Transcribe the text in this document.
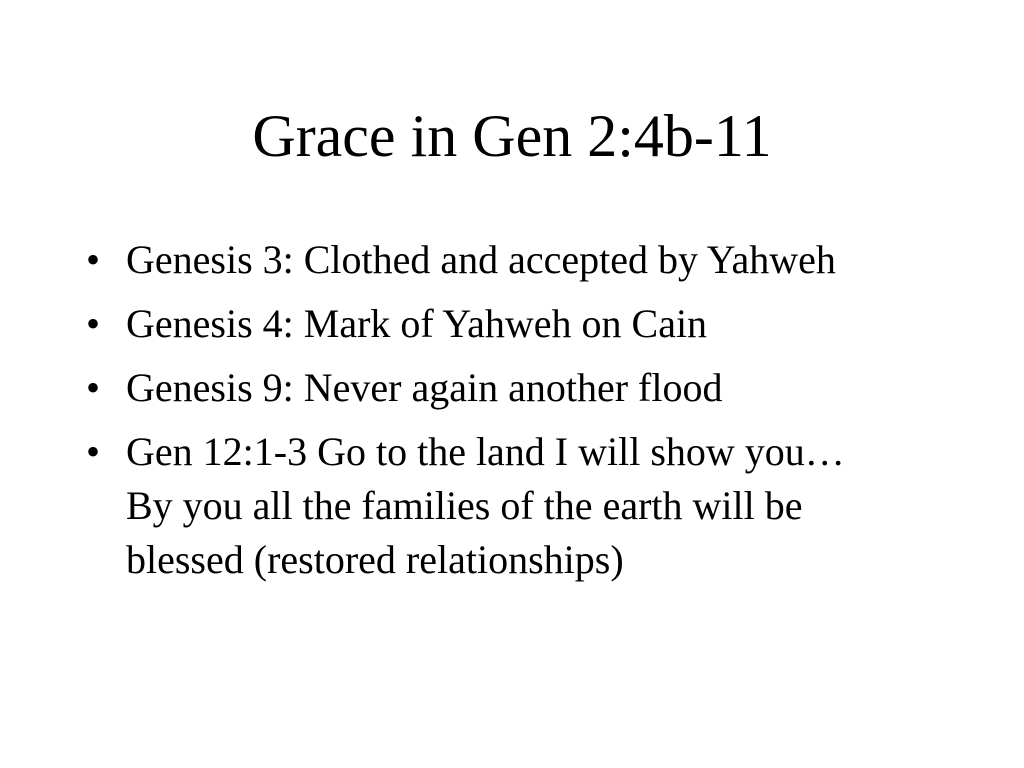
Grace in Gen 2:4b-11
• Genesis 3: Clothed and accepted by Yahweh
• Genesis 4: Mark of Yahweh on Cain
• Genesis 9: Never again another flood
• Gen 12:1-3 Go to the land I will show you…By you all the families of the earth will be blessed (restored relationships)
